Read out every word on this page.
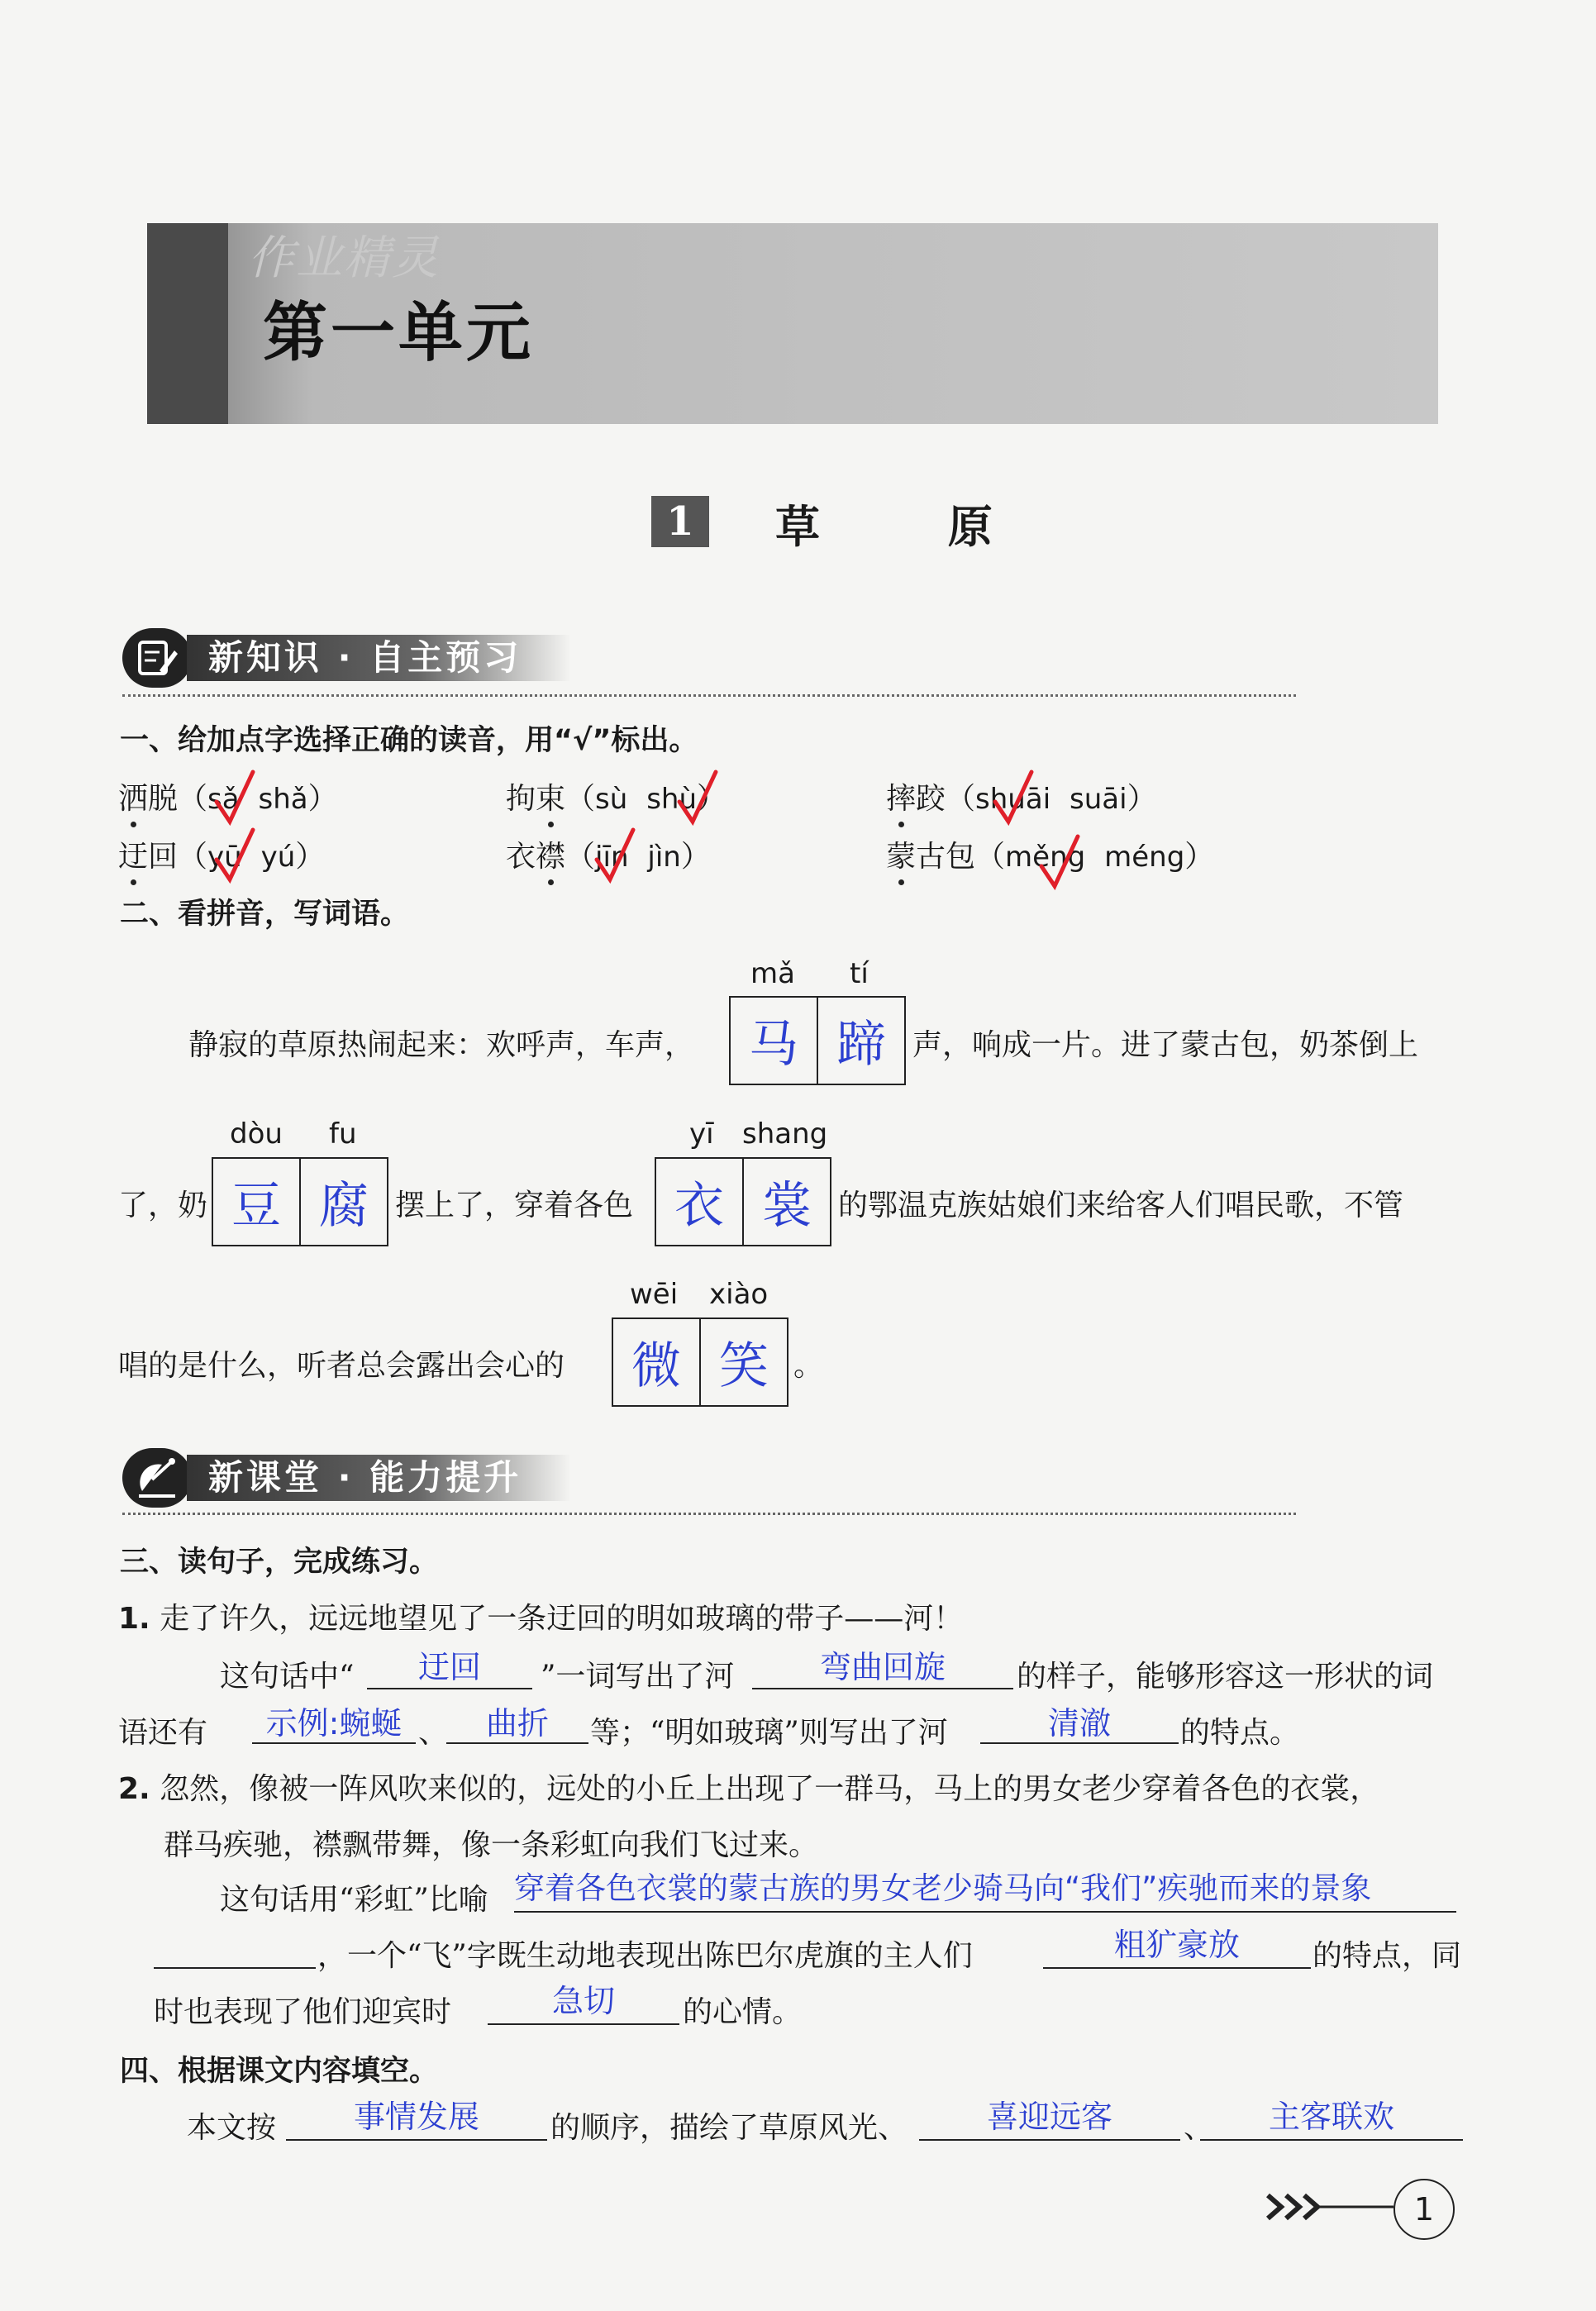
作业精灵
第一单元
1	草 原
新知识 · 自主预习
一、给加点字选择正确的读音，用“√”标出。
洒脱（sǎ shǎ）	拘束（sù shù）	摔跤（shuāi suāi）
迂回（yū yú）	衣襟（jīn jìn）	蒙古包（měng méng）
二、看拼音，写词语。
mǎ tí
马 蹄
静寂的草原热闹起来：欢呼声，车声，	声，响成一片。进了蒙古包，奶茶倒上
dòu fu
豆 腐
yī shang
衣 裳
了，奶	摆上了，穿着各色	的鄂温克族姑娘们来给客人们唱民歌，不管
wēi xiào
微 笑
唱的是什么，听者总会露出会心的	。
新课堂 · 能力提升
三、读句子，完成练习。
1. 走了许久，远远地望见了一条迂回的明如玻璃的带子——河！
这句话中“	迂回	”一词写出了河	弯曲回旋	的样子，能够形容这一形状的词
语还有	示例:蜿蜒 、	曲折	等；“明如玻璃”则写出了河	清澈	的特点。
2. 忽然，像被一阵风吹来似的，远处的小丘上出现了一群马，马上的男女老少穿着各色的衣裳，
群马疾驰，襟飘带舞，像一条彩虹向我们飞过来。
这句话用“彩虹”比喻 穿着各色衣裳的蒙古族的男女老少骑马向“我们”疾驰而来的景象
，一个“飞”字既生动地表现出陈巴尔虎旗的主人们	粗犷豪放	的特点，同
时也表现了他们迎宾时	急切	的心情。
四、根据课文内容填空。
本文按	事情发展	的顺序，描绘了草原风光、	喜迎远客	、	主客联欢
1
